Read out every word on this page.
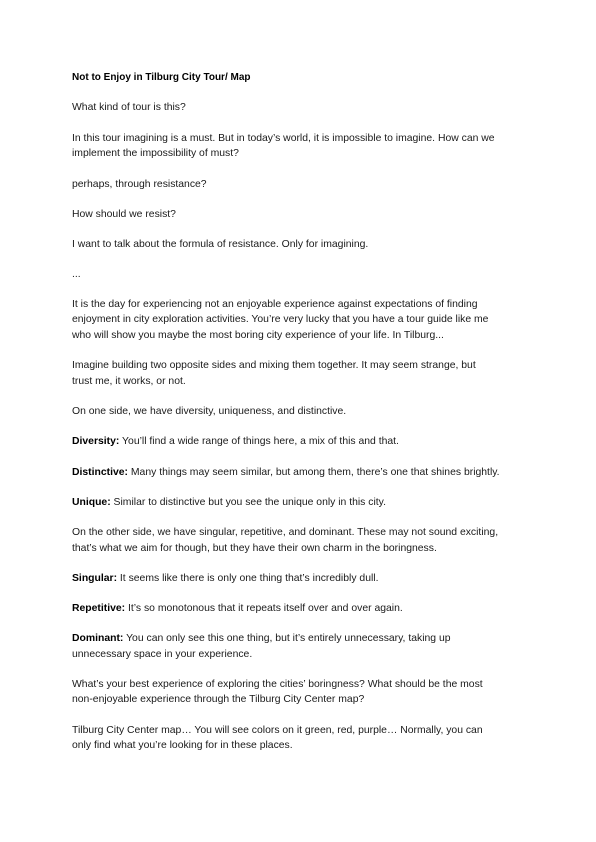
Not to Enjoy in Tilburg City Tour/ Map

What kind of tour is this?

In this tour imagining is a must. But in today’s world, it is impossible to imagine. How can we

implement the impossibility of must?

perhaps, through resistance?

How should we resist?

I want to talk about the formula of resistance. Only for imagining.

...

It is the day for experiencing not an enjoyable experience against expectations of finding

enjoyment in city exploration activities. You’re very lucky that you have a tour guide like me

who will show you maybe the most boring city experience of your life. In Tilburg...

Imagine building two opposite sides and mixing them together. It may seem strange, but

trust me, it works, or not.

On one side, we have diversity, uniqueness, and distinctive.

Diversity: You’ll find a wide range of things here, a mix of this and that.

Distinctive: Many things may seem similar, but among them, there’s one that shines brightly.

Unique: Similar to distinctive but you see the unique only in this city.

On the other side, we have singular, repetitive, and dominant. These may not sound exciting,

that’s what we aim for though, but they have their own charm in the boringness.

Singular: It seems like there is only one thing that’s incredibly dull.

Repetitive: It’s so monotonous that it repeats itself over and over again.

Dominant: You can only see this one thing, but it’s entirely unnecessary, taking up

unnecessary space in your experience.

What’s your best experience of exploring the cities’ boringness? What should be the most

non-enjoyable experience through the Tilburg City Center map?

Tilburg City Center map… You will see colors on it green, red, purple… Normally, you can

only find what you’re looking for in these places.
